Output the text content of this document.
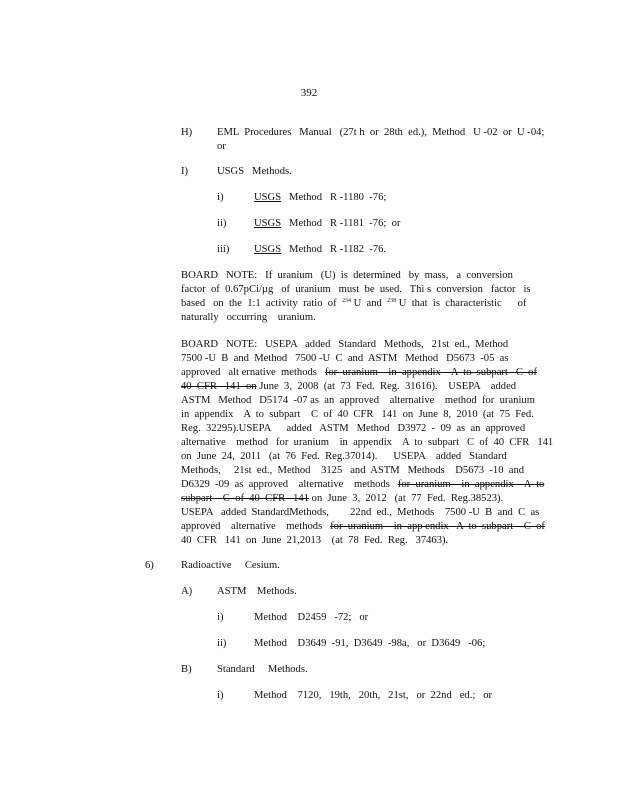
392
H) EML  Procedures   Manual   (27t h  or  28th  ed.),  Method   U -02  or  U -04;
or
I)	USGS   Methods.
i)	USGS   Method   R -1180  -76;
ii)	USGS   Method   R -1181  -76;  or
iii) USGS   Method   R -1182  -76.
BOARD   NOTE:   If  uranium   (U)  is  determined   by  mass,   a  conversion
factor  of  0.67pCi/µg   of  uranium   must  be  used.   Thi s  conversion   factor   is
based   on  the  1:1  activity  ratio  of  $^{234}$ U  and  $^{238}$ U  that  is  characteristic      of
naturally   occurring    uranium.
BOARD   NOTE:   USEPA   added   Standard   Methods,   21st  ed.,  Method
7500 -U  B  and  Method   7500 -U  C  and  ASTM   Method   D5673  -05  as
approved   alt ernative  methods   for  uranium    in  appendix    A  to  subpart   C  of
40  CFR   141  on June  3,  2008  (at  73  Fed.  Reg.  31616).    USEPA    added
ASTM   Method   D5174  -07 as  an  approved    alternative    method  for  uranium
in  appendix    A  to  subpart    C  of  40  CFR   141  on  June  8,  2010  (at  75  Fed.
Reg.  32295).USEPA      added   ASTM   Method   D3972  -  09  as  an  approved
alternative    method   for  uranium    in  appendix    A  to  subpart   C  of  40  CFR   141
on  June  24,  2011   (at  76  Fed.  Reg.37014).      USEPA    added   Standard
Methods,     21st  ed.,  Method    3125   and  ASTM   Methods    D5673  -10  and
D6329  -09  as  approved    alternative    methods   for  uranium    in  appendix    A  to
subpart    C  of  40  CFR   141 on  June  3,  2012   (at  77  Fed.  Reg.38523).
USEPA   added  StandardMethods,        22nd  ed.,  Methods    7500 -U  B  and  C  as
approved    alternative    methods   for  uranium    in  app endix   A  to  subpart    C  of
40  CFR   141  on  June  21,2013    (at  78  Fed.  Reg.   37463).
6)	Radioactive     Cesium.
A) ASTM    Methods.
i)	Method    D2459   -72;   or
ii)	Method    D3649  -91,  D3649  -98a,   or  D3649   -06;
B) Standard     Methods.
i)	Method    7120,   19th,   20th,   21st,   or  22nd   ed.;   or
